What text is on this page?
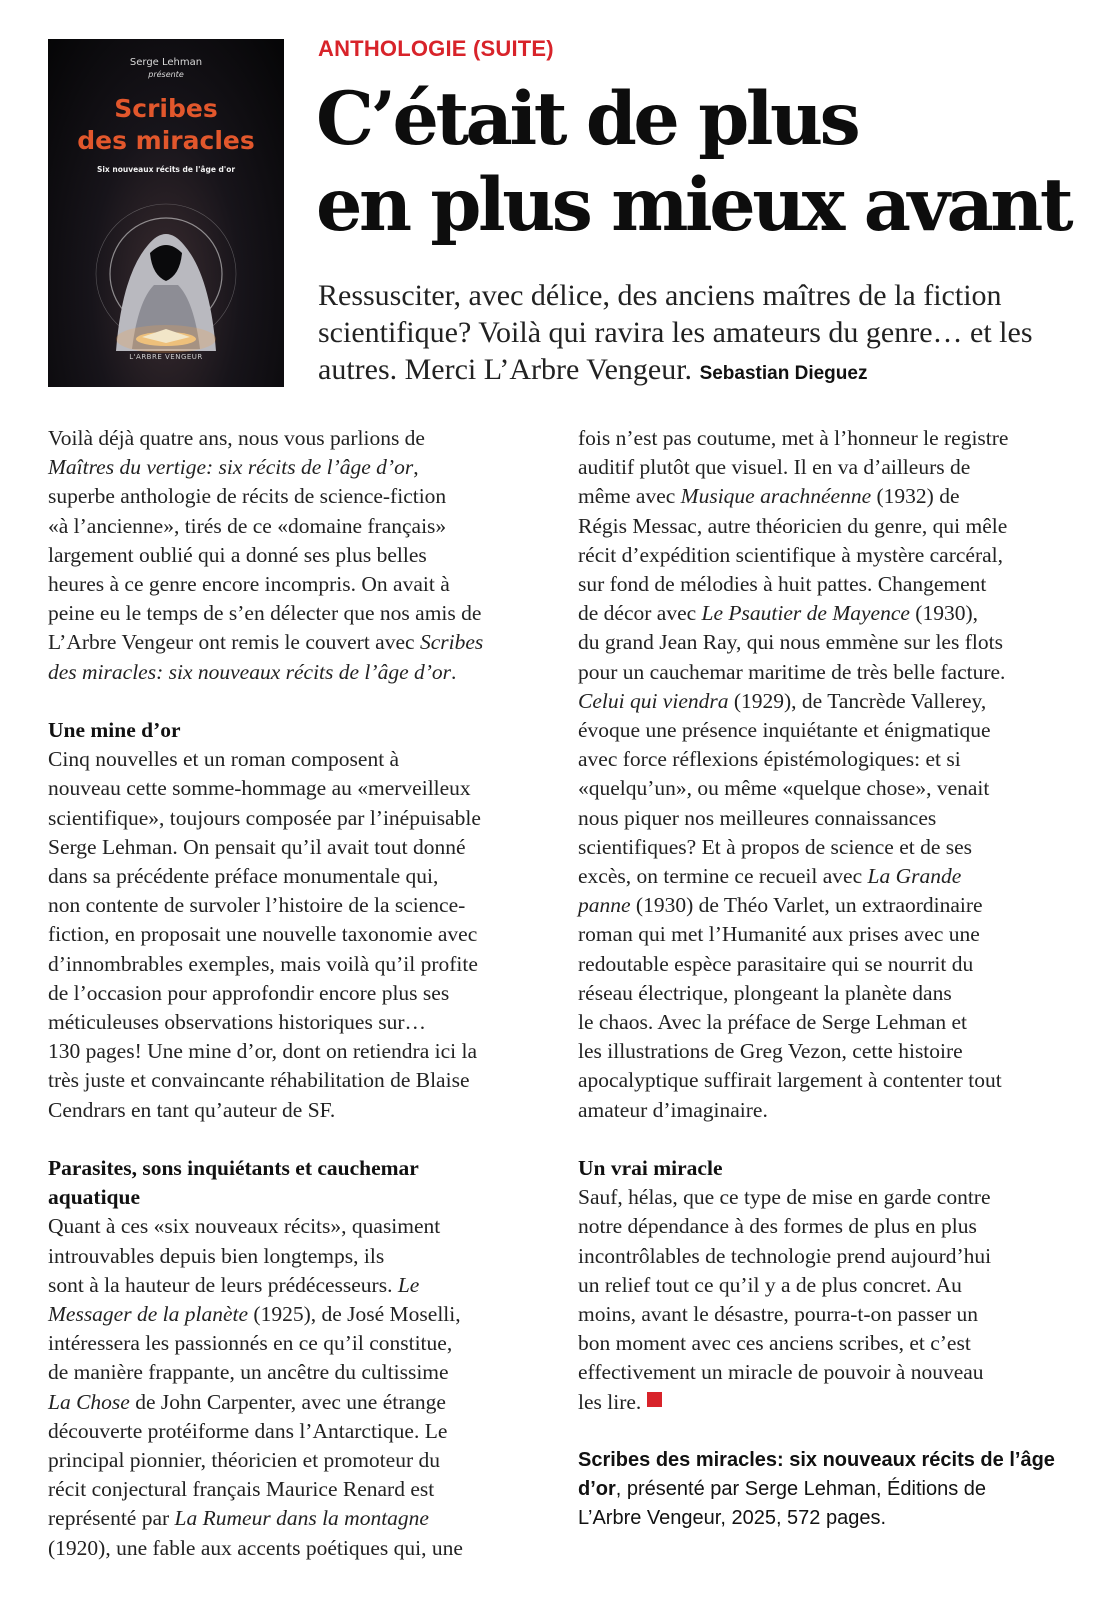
Serge Lehman
présente
Scribes
des miracles
Six nouveaux récits de l'âge d'or
L'ARBRE VENGEUR
ANTHOLOGIE (SUITE)
C’était de plus
en plus mieux avant

Ressusciter, avec délice, des anciens maîtres de la fiction scientifique? Voilà qui ravira les amateurs du genre… et les autres. Merci L’Arbre Vengeur. Sebastian Dieguez

Voilà déjà quatre ans, nous vous parlions de
Maîtres du vertige: six récits de l’âge d’or,
superbe anthologie de récits de science-fiction
«à l’ancienne», tirés de ce «domaine français»
largement oublié qui a donné ses plus belles
heures à ce genre encore incompris. On avait à
peine eu le temps de s’en délecter que nos amis de
L’Arbre Vengeur ont remis le couvert avec Scribes
des miracles: six nouveaux récits de l’âge d’or.

Une mine d’or

Cinq nouvelles et un roman composent à
nouveau cette somme-hommage au «merveilleux
scientifique», toujours composée par l’inépuisable
Serge Lehman. On pensait qu’il avait tout donné
dans sa précédente préface monumentale qui,
non contente de survoler l’histoire de la science-
fiction, en proposait une nouvelle taxonomie avec
d’innombrables exemples, mais voilà qu’il profite
de l’occasion pour approfondir encore plus ses
méticuleuses observations historiques sur…
130 pages! Une mine d’or, dont on retiendra ici la
très juste et convaincante réhabilitation de Blaise
Cendrars en tant qu’auteur de SF.

Parasites, sons inquiétants et cauchemar
aquatique

Quant à ces «six nouveaux récits», quasiment
introuvables depuis bien longtemps, ils
sont à la hauteur de leurs prédécesseurs. Le
Messager de la planète (1925), de José Moselli,
intéressera les passionnés en ce qu’il constitue,
de manière frappante, un ancêtre du cultissime
La Chose de John Carpenter, avec une étrange
découverte protéiforme dans l’Antarctique. Le
principal pionnier, théoricien et promoteur du
récit conjectural français Maurice Renard est
représenté par La Rumeur dans la montagne
(1920), une fable aux accents poétiques qui, une

fois n’est pas coutume, met à l’honneur le registre
auditif plutôt que visuel. Il en va d’ailleurs de
même avec Musique arachnéenne (1932) de
Régis Messac, autre théoricien du genre, qui mêle
récit d’expédition scientifique à mystère carcéral,
sur fond de mélodies à huit pattes. Changement
de décor avec Le Psautier de Mayence (1930),
du grand Jean Ray, qui nous emmène sur les flots
pour un cauchemar maritime de très belle facture.
Celui qui viendra (1929), de Tancrède Vallerey,
évoque une présence inquiétante et énigmatique
avec force réflexions épistémologiques: et si
«quelqu’un», ou même «quelque chose», venait
nous piquer nos meilleures connaissances
scientifiques? Et à propos de science et de ses
excès, on termine ce recueil avec La Grande
panne (1930) de Théo Varlet, un extraordinaire
roman qui met l’Humanité aux prises avec une
redoutable espèce parasitaire qui se nourrit du
réseau électrique, plongeant la planète dans
le chaos. Avec la préface de Serge Lehman et
les illustrations de Greg Vezon, cette histoire
apocalyptique suffirait largement à contenter tout
amateur d’imaginaire.

Un vrai miracle

Sauf, hélas, que ce type de mise en garde contre
notre dépendance à des formes de plus en plus
incontrôlables de technologie prend aujourd’hui
un relief tout ce qu’il y a de plus concret. Au
moins, avant le désastre, pourra-t-on passer un
bon moment avec ces anciens scribes, et c’est
effectivement un miracle de pouvoir à nouveau
les lire.

Scribes des miracles: six nouveaux récits de l’âge
d’or, présenté par Serge Lehman, Éditions de
L’Arbre Vengeur, 2025, 572 pages.
